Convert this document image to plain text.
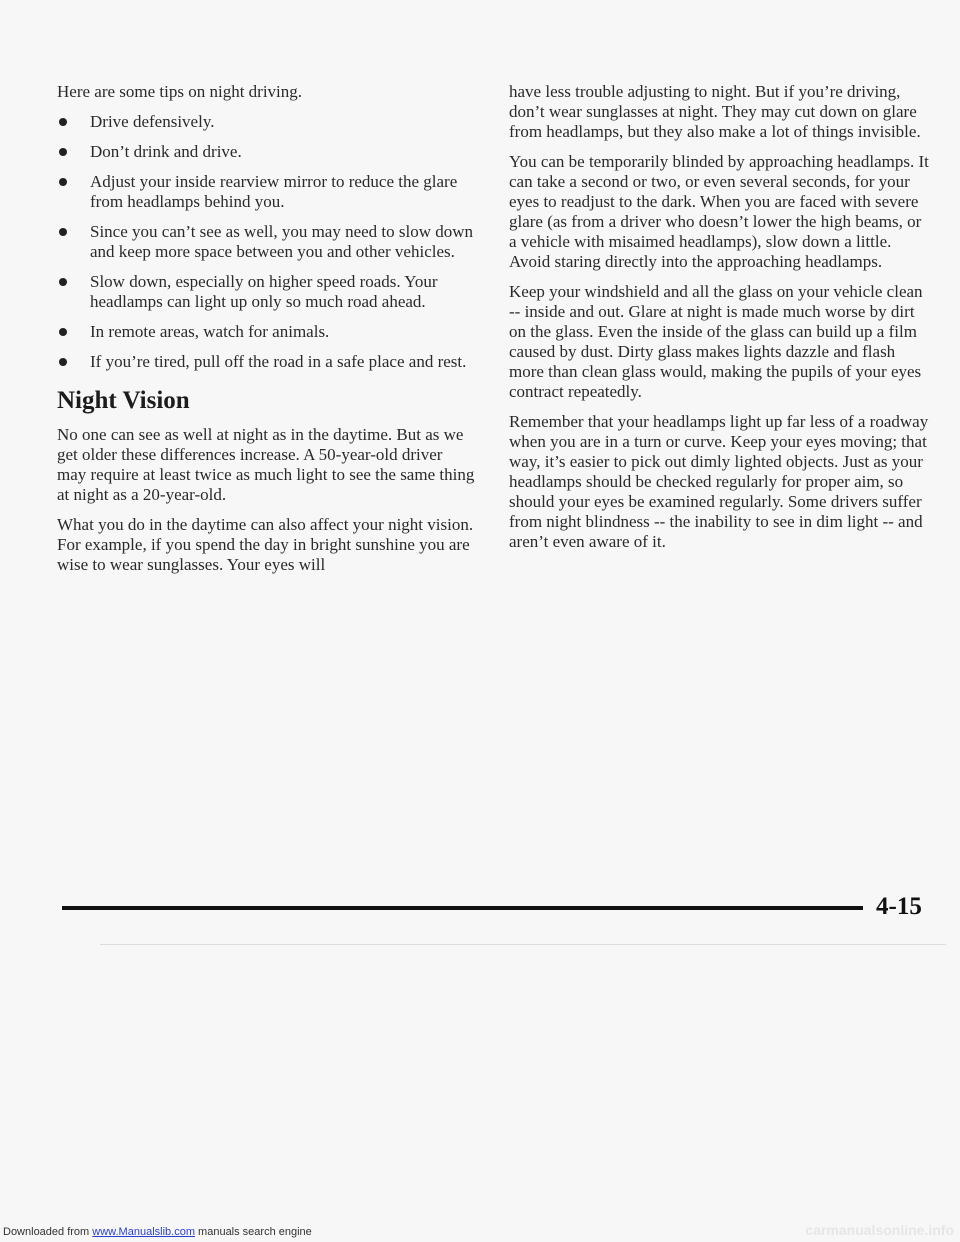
Here are some tips on night driving.

Drive defensively.
Don’t drink and drive.
Adjust your inside rearview mirror to reduce the glare from headlamps behind you.
Since you can’t see as well, you may need to slow down and keep more space between you and other vehicles.
Slow down, especially on higher speed roads. Your headlamps can light up only so much road ahead.
In remote areas, watch for animals.
If you’re tired, pull off the road in a safe place and rest.
Night Vision

No one can see as well at night as in the daytime. But as we get older these differences increase. A 50-year-old driver may require at least twice as much light to see the same thing at night as a 20-year-old.

What you do in the daytime can also affect your night vision. For example, if you spend the day in bright sunshine you are wise to wear sunglasses. Your eyes will

have less trouble adjusting to night. But if you’re driving, don’t wear sunglasses at night. They may cut down on glare from headlamps, but they also make a lot of things invisible.

You can be temporarily blinded by approaching headlamps. It can take a second or two, or even several seconds, for your eyes to readjust to the dark. When you are faced with severe glare (as from a driver who doesn’t lower the high beams, or a vehicle with misaimed headlamps), slow down a little. Avoid staring directly into the approaching headlamps.

Keep your windshield and all the glass on your vehicle clean -- inside and out. Glare at night is made much worse by dirt on the glass. Even the inside of the glass can build up a film caused by dust. Dirty glass makes lights dazzle and flash more than clean glass would, making the pupils of your eyes contract repeatedly.

Remember that your headlamps light up far less of a roadway when you are in a turn or curve. Keep your eyes moving; that way, it’s easier to pick out dimly lighted objects. Just as your headlamps should be checked regularly for proper aim, so should your eyes be examined regularly. Some drivers suffer from night blindness -- the inability to see in dim light -- and aren’t even aware of it.

4-15
Downloaded from www.Manualslib.com manuals search engine	carmanualsonline.info
